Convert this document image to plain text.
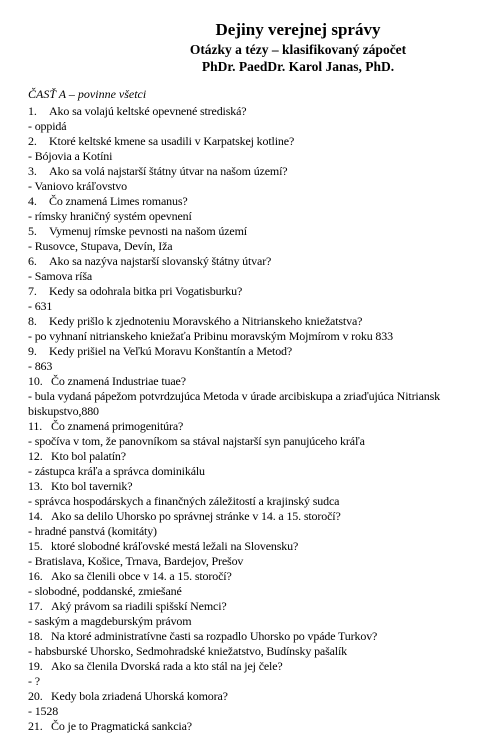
Dejiny verejnej správy
Otázky a tézy – klasifikovaný zápočet
PhDr. PaedDr. Karol Janas, PhD.
ČASŤ A – povinne všetci
1. Ako sa volajú keltské opevnené strediská?
- oppidá
2. Ktoré keltské kmene sa usadili v Karpatskej kotline?
- Bójovia a Kotíni
3. Ako sa volá najstarší štátny útvar na našom území?
- Vaniovo kráľovstvo
4. Čo znamená Limes romanus?
- rímsky hraničný systém opevnení
5. Vymenuj rímske pevnosti na našom území
- Rusovce, Stupava, Devín, Iža
6. Ako sa nazýva najstarší slovanský štátny útvar?
- Samova ríša
7. Kedy sa odohrala bitka pri Vogatisburku?
- 631
8. Kedy prišlo k zjednoteniu Moravského a Nitrianskeho kniežatstva?
- po vyhnaní nitrianskeho kniežaťa Pribinu moravským Mojmírom v roku 833
9. Kedy prišiel na Veľkú Moravu Konštantín a Metod?
- 863
10. Čo znamená Industriae tuae?
- bula vydaná pápežom potvrdzujúca Metoda v úrade arcibiskupa a zriaďujúca Nitriansk
biskupstvo,880
11. Čo znamená primogenitúra?
- spočíva v tom, že panovníkom sa stával najstarší syn panujúceho kráľa
12. Kto bol palatín?
- zástupca kráľa a správca dominikálu
13. Kto bol tavernik?
- správca hospodárskych a finančných záležitostí a krajinský sudca
14. Ako sa delilo Uhorsko po správnej stránke v 14. a 15. storočí?
- hradné panstvá (komitáty)
15. ktoré slobodné kráľovské mestá ležali na Slovensku?
- Bratislava, Košice, Trnava, Bardejov, Prešov
16. Ako sa členili obce v 14. a 15. storočí?
- slobodné, poddanské, zmiešané
17. Aký právom sa riadili spišskí Nemci?
- saským a magdeburským právom
18. Na ktoré administratívne časti sa rozpadlo Uhorsko po vpáde Turkov?
- habsburské Uhorsko, Sedmohradské kniežatstvo, Budínsky pašalík
19. Ako sa členila Dvorská rada a kto stál na jej čele?
- ?
20. Kedy bola zriadená Uhorská komora?
- 1528
21. Čo je to Pragmatická sankcia?
